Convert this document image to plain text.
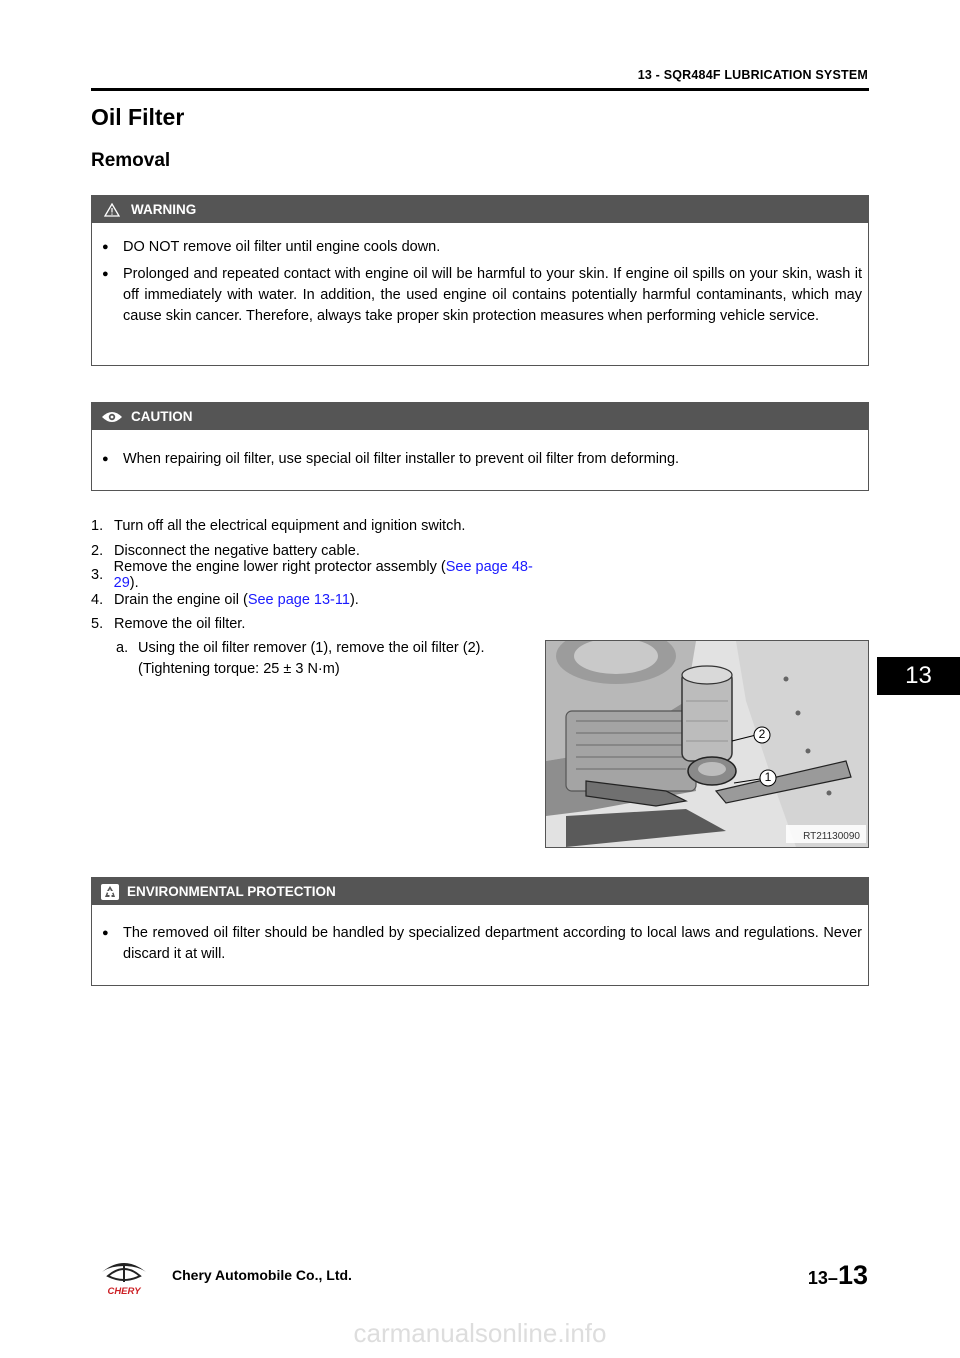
13 - SQR484F LUBRICATION SYSTEM
Oil Filter
Removal
WARNING
● DO NOT remove oil filter until engine cools down.
● Prolonged and repeated contact with engine oil will be harmful to your skin. If engine oil spills on your skin, wash it off immediately with water. In addition, the used engine oil contains potentially harmful contaminants, which may cause skin cancer. Therefore, always take proper skin protection measures when performing vehicle service.
CAUTION
● When repairing oil filter, use special oil filter installer to prevent oil filter from deforming.
1. Turn off all the electrical equipment and ignition switch.
2. Disconnect the negative battery cable.
3. Remove the engine lower right protector assembly (See page 48-29).
4. Drain the engine oil (See page 13-11).
5. Remove the oil filter.
a. Using the oil filter remover (1), remove the oil filter (2).
(Tightening torque: 25 ± 3 N·m)
2
1
RT21130090
13
ENVIRONMENTAL PROTECTION
● The removed oil filter should be handled by specialized department according to local laws and regulations. Never discard it at will.
CHERY
Chery Automobile Co., Ltd.	13–13
carmanualsonline.info
